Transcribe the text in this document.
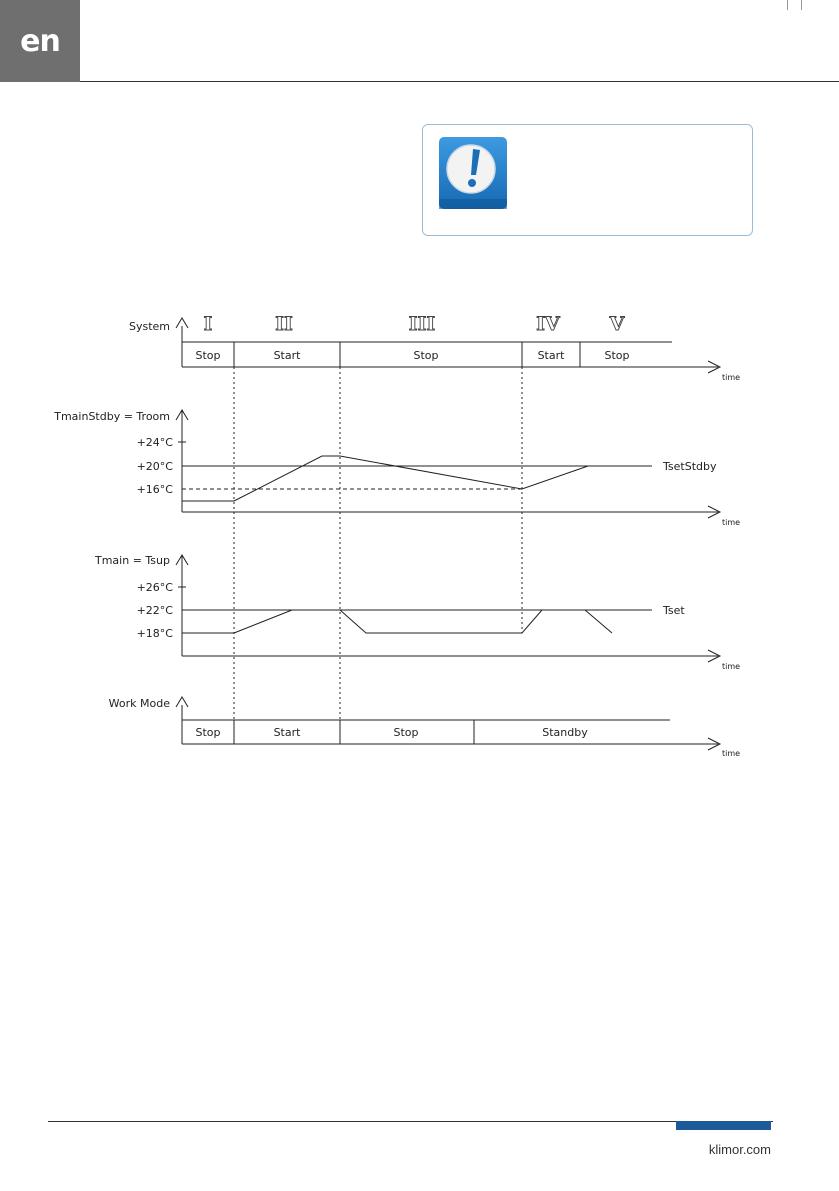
en
I	II	III	IV	V
System
Stop	Start	Stop	Start	Stop
time
TmainStdby = Troom
+24°C
+20°C
+16°C
TsetStdby
time
Tmain = Tsup
+26°C
+22°C
+18°C
Tset
time
Work Mode
Stop	Start	Stop	Standby
time
klimor.com
